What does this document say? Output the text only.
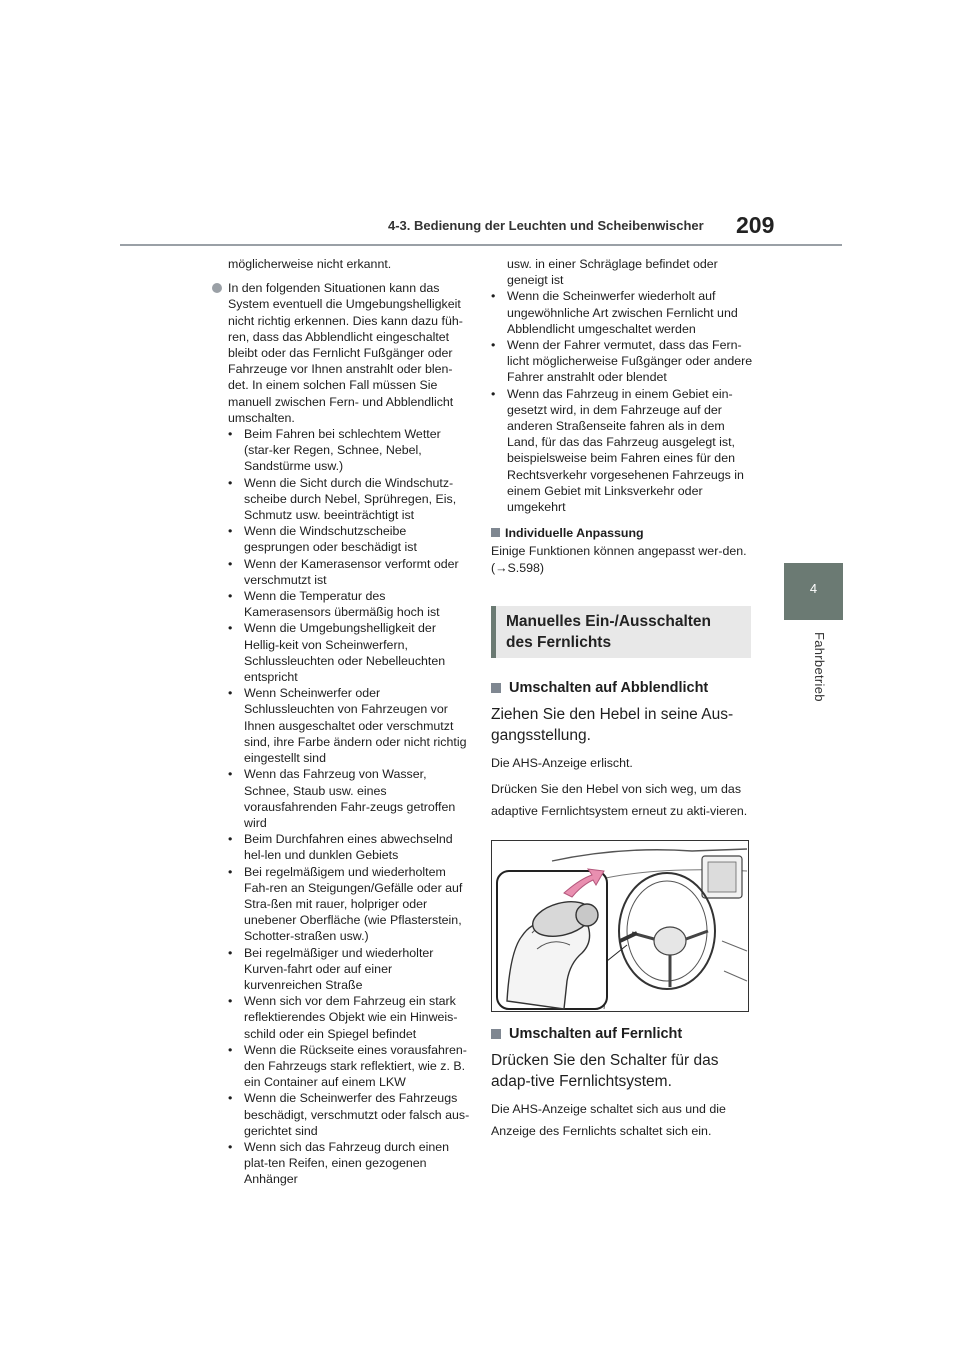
4-3. Bedienung der Leuchten und Scheibenwischer 209
4
Fahrbetrieb

möglicherweise nicht erkannt.

In den folgenden Situationen kann das System eventuell die Umgebungshelligkeit nicht richtig erkennen. Dies kann dazu füh-ren, dass das Abblendlicht eingeschaltet bleibt oder das Fernlicht Fußgänger oder Fahrzeuge vor Ihnen anstrahlt oder blen-det. In einem solchen Fall müssen Sie manuell zwischen Fern- und Abblendlicht umschalten.
• Beim Fahren bei schlechtem Wetter (star-ker Regen, Schnee, Nebel, Sandstürme usw.)
• Wenn die Sicht durch die Windschutz-scheibe durch Nebel, Sprühregen, Eis, Schmutz usw. beeinträchtigt ist
• Wenn die Windschutzscheibe gesprungen oder beschädigt ist
• Wenn der Kamerasensor verformt oder verschmutzt ist
• Wenn die Temperatur des Kamerasensors übermäßig hoch ist
• Wenn die Umgebungshelligkeit der Hellig-keit von Scheinwerfern, Schlussleuchten oder Nebelleuchten entspricht
• Wenn Scheinwerfer oder Schlussleuchten von Fahrzeugen vor Ihnen ausgeschaltet oder verschmutzt sind, ihre Farbe ändern oder nicht richtig eingestellt sind
• Wenn das Fahrzeug von Wasser, Schnee, Staub usw. eines vorausfahrenden Fahr-zeugs getroffen wird
• Beim Durchfahren eines abwechselnd hel-len und dunklen Gebiets
• Bei regelmäßigem und wiederholtem Fah-ren an Steigungen/Gefälle oder auf Stra-ßen mit rauer, holpriger oder unebener Oberfläche (wie Pflasterstein, Schotter-straßen usw.)
• Bei regelmäßiger und wiederholter Kurven-fahrt oder auf einer kurvenreichen Straße
• Wenn sich vor dem Fahrzeug ein stark reflektierendes Objekt wie ein Hinweis-schild oder ein Spiegel befindet
• Wenn die Rückseite eines vorausfahren-den Fahrzeugs stark reflektiert, wie z. B. ein Container auf einem LKW
• Wenn die Scheinwerfer des Fahrzeugs beschädigt, verschmutzt oder falsch aus-gerichtet sind
• Wenn sich das Fahrzeug durch einen plat-ten Reifen, einen gezogenen Anhänger
usw. in einer Schräglage befindet oder geneigt ist
• Wenn die Scheinwerfer wiederholt auf ungewöhnliche Art zwischen Fernlicht und Abblendlicht umgeschaltet werden
• Wenn der Fahrer vermutet, dass das Fern-licht möglicherweise Fußgänger oder andere Fahrer anstrahlt oder blendet
• Wenn das Fahrzeug in einem Gebiet ein-gesetzt wird, in dem Fahrzeuge auf der anderen Straßenseite fahren als in dem Land, für das das Fahrzeug ausgelegt ist, beispielsweise beim Fahren eines für den Rechtsverkehr vorgesehenen Fahrzeugs in einem Gebiet mit Linksverkehr oder umgekehrt
Individuelle Anpassung

Einige Funktionen können angepasst wer-den. (→S.598)

Manuelles Ein-/Ausschalten
des Fernlichts
Umschalten auf Abblendlicht

Ziehen Sie den Hebel in seine Aus-gangsstellung.

Die AHS-Anzeige erlischt.

Drücken Sie den Hebel von sich weg, um das adaptive Fernlichtsystem erneut zu akti-vieren.

Umschalten auf Fernlicht

Drücken Sie den Schalter für das adap-tive Fernlichtsystem.

Die AHS-Anzeige schaltet sich aus und die Anzeige des Fernlichts schaltet sich ein.
